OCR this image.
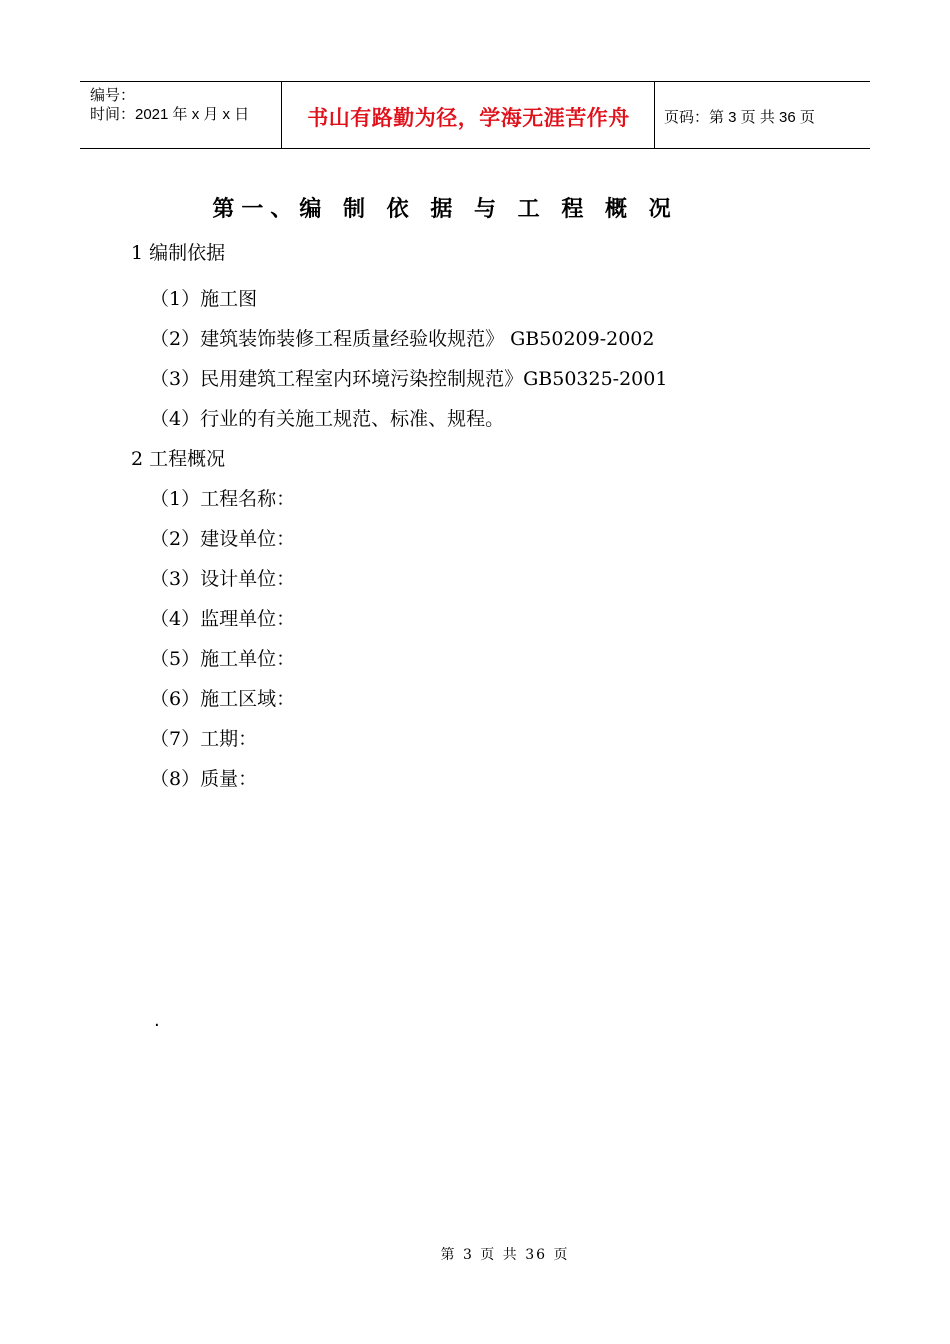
编号：
时间：2021 年 x 月 x 日	书山有路勤为径，学海无涯苦作舟	页码：第 3 页 共 36 页
第一、编 制 依 据 与 工 程 概 况
1 编制依据
（1）施工图
（2）建筑装饰装修工程质量经验收规范》 GB50209-2002
（3）民用建筑工程室内环境污染控制规范》GB50325-2001
（4）行业的有关施工规范、标准、规程。
2 工程概况
（1）工程名称：
（2）建设单位：
（3）设计单位：
（4）监理单位：
（5）施工单位：
（6）施工区域：
（7）工期：
（8）质量：
.
第 3 页 共 36 页
